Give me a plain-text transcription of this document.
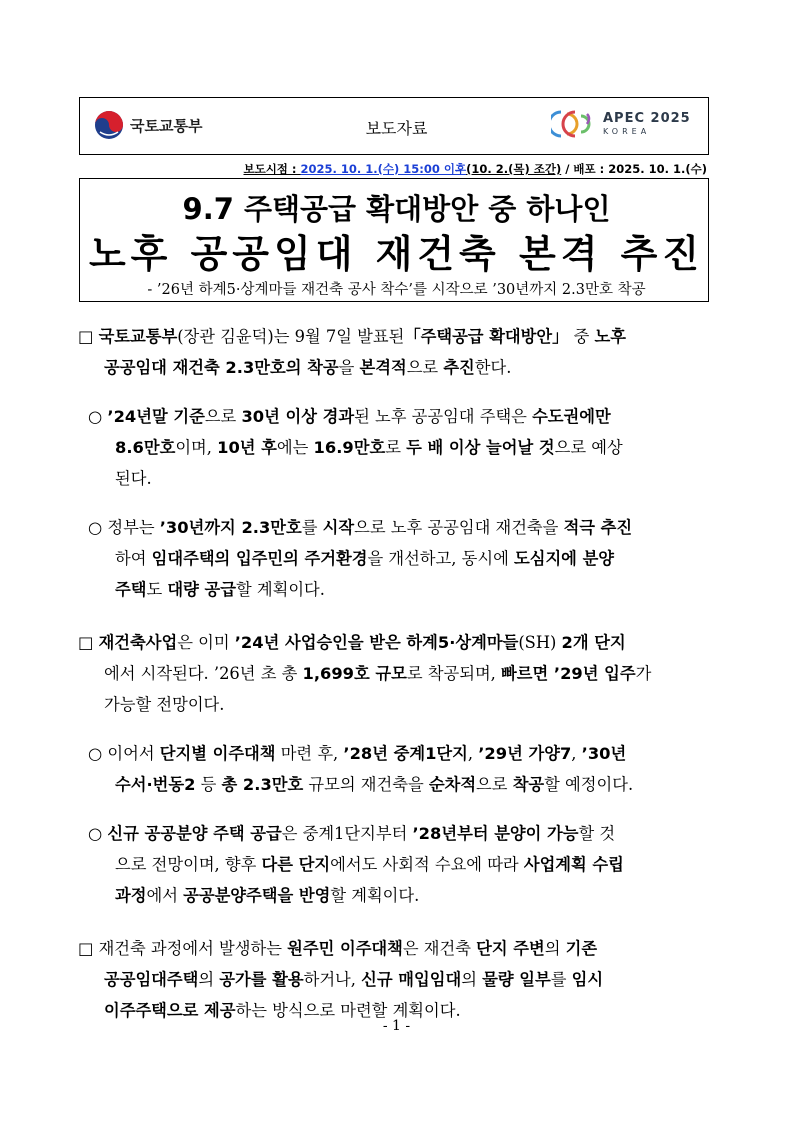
국토교통부	보도자료
APEC 2025
KOREA
보도시점 : 2025. 10. 1.(수) 15:00 이후(10. 2.(목) 조간) / 배포 : 2025. 10. 1.(수)
9.7 주택공급 확대방안 중 하나인
노후 공공임대 재건축 본격 추진
- ’26년 하계5·상계마들 재건축 공사 착수’를 시작으로 ’30년까지 2.3만호 착공
□ 국토교통부(장관 김윤덕)는 9월 7일 발표된「주택공급 확대방안」 중 노후
공공임대 재건축 2.3만호의 착공을 본격적으로 추진한다.
○ ’24년말 기준으로 30년 이상 경과된 노후 공공임대 주택은 수도권에만
8.6만호이며, 10년 후에는 16.9만호로 두 배 이상 늘어날 것으로 예상
된다.
○ 정부는 ’30년까지 2.3만호를 시작으로 노후 공공임대 재건축을 적극 추진
하여 임대주택의 입주민의 주거환경을 개선하고, 동시에 도심지에 분양
주택도 대량 공급할 계획이다.
□ 재건축사업은 이미 ’24년 사업승인을 받은 하계5·상계마들(SH) 2개 단지
에서 시작된다. ’26년 초 총 1,699호 규모로 착공되며, 빠르면 ’29년 입주가
가능할 전망이다.
○ 이어서 단지별 이주대책 마련 후, ’28년 중계1단지, ’29년 가양7, ’30년
수서·번동2 등 총 2.3만호 규모의 재건축을 순차적으로 착공할 예정이다.
○ 신규 공공분양 주택 공급은 중계1단지부터 ’28년부터 분양이 가능할 것
으로 전망이며, 향후 다른 단지에서도 사회적 수요에 따라 사업계획 수립
과정에서 공공분양주택을 반영할 계획이다.
□ 재건축 과정에서 발생하는 원주민 이주대책은 재건축 단지 주변의 기존
공공임대주택의 공가를 활용하거나, 신규 매입임대의 물량 일부를 임시
이주주택으로 제공하는 방식으로 마련할 계획이다.
- 1 -
